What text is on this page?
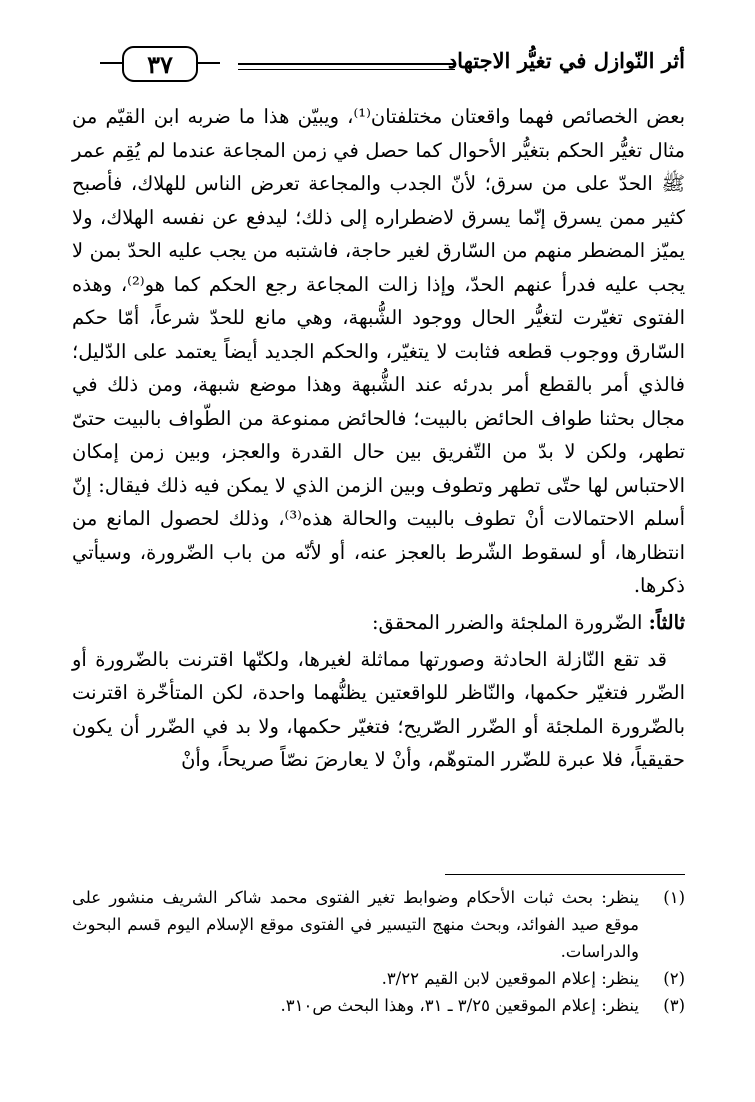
أثر النّوازل في تغيُّر الاجتهاد
٣٧

بعض الخصائص فهما واقعتان مختلفتان⁽¹⁾، ويبيّن هذا ما ضربه ابن القيّم من مثال تغيُّر الحكم بتغيُّر الأحوال كما حصل في زمن المجاعة عندما لم يُقِم عمر ﷺ الحدّ على من سرق؛ لأنّ الجدب والمجاعة تعرض الناس للهلاك، فأصبح كثير ممن يسرق إنّما يسرق لاضطراره إلى ذلك؛ ليدفع عن نفسه الهلاك، ولا يميّز المضطر منهم من السّارق لغير حاجة، فاشتبه من يجب عليه الحدّ بمن لا يجب عليه فدرأ عنهم الحدّ، وإذا زالت المجاعة رجع الحكم كما هو⁽²⁾، وهذه الفتوى تغيّرت لتغيُّر الحال ووجود الشُّبهة، وهي مانع للحدّ شرعاً، أمّا حكم السّارق ووجوب قطعه فثابت لا يتغيّر، والحكم الجديد أيضاً يعتمد على الدّليل؛ فالذي أمر بالقطع أمر بدرئه عند الشُّبهة وهذا موضع شبهة، ومن ذلك في مجال بحثنا طواف الحائض بالبيت؛ فالحائض ممنوعة من الطّواف بالبيت حتىّ تطهر، ولكن لا بدّ من التّفريق بين حال القدرة والعجز، وبين زمن إمكان الاحتباس لها حتّى تطهر وتطوف وبين الزمن الذي لا يمكن فيه ذلك فيقال: إنّ أسلم الاحتمالات أنْ تطوف بالبيت والحالة هذه⁽³⁾، وذلك لحصول المانع من انتظارها، أو لسقوط الشّرط بالعجز عنه، أو لأنّه من باب الضّرورة، وسيأتي ذكرها.

ثالثاً: الضّرورة الملجئة والضرر المحقق:

قد تقع النّازلة الحادثة وصورتها مماثلة لغيرها، ولكنّها اقترنت بالضّرورة أو الضّرر فتغيّر حكمها، والنّاظر للواقعتين يظنُّهما واحدة، لكن المتأخّرة اقترنت بالضّرورة الملجئة أو الضّرر الصّريح؛ فتغيّر حكمها، ولا بد في الضّرر أن يكون حقيقياً، فلا عبرة للضّرر المتوهّم، وأنْ لا يعارضَ نصّاً صريحاً، وأنْ

(١)
ينظر: بحث ثبات الأحكام وضوابط تغير الفتوى محمد شاكر الشريف منشور على موقع صيد الفوائد، وبحث منهج التيسير في الفتوى موقع الإسلام اليوم قسم البحوث والدراسات.
(٢)
ينظر: إعلام الموقعين لابن القيم ٣/٢٢.
(٣)
ينظر: إعلام الموقعين ٣/٢٥ ـ ٣١، وهذا البحث ص٣١٠.
